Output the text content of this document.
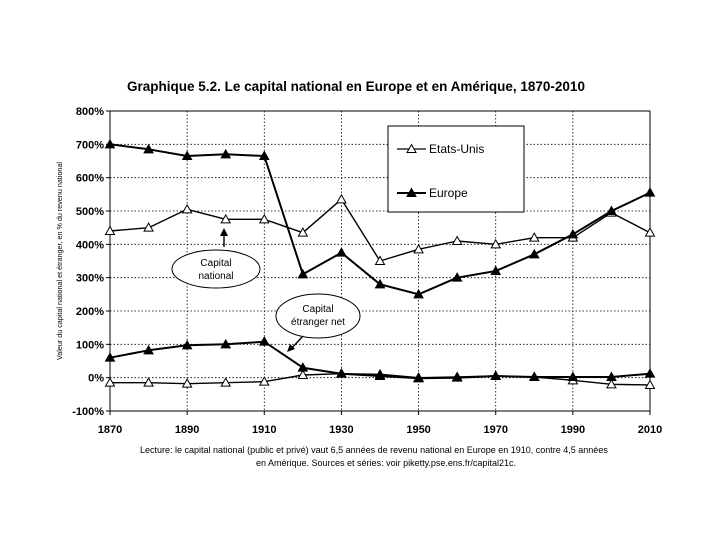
Graphique 5.2. Le capital national en Europe et en Amérique, 1870-2010
-100%
0%
100%
200%
300%
400%
500%
600%
700%
800%
1870	1890	1910	1930	1950	1970	1990	2010
Valeur du capital national et étranger, en % du revenu national
Etats-Unis
Europe
Capital
national
Capital
étranger net
Lecture: le capital national (public et privé) vaut 6,5 années de revenu national en Europe en 1910, contre 4,5 années
en Amérique. Sources et séries: voir piketty.pse.ens.fr/capital21c.
